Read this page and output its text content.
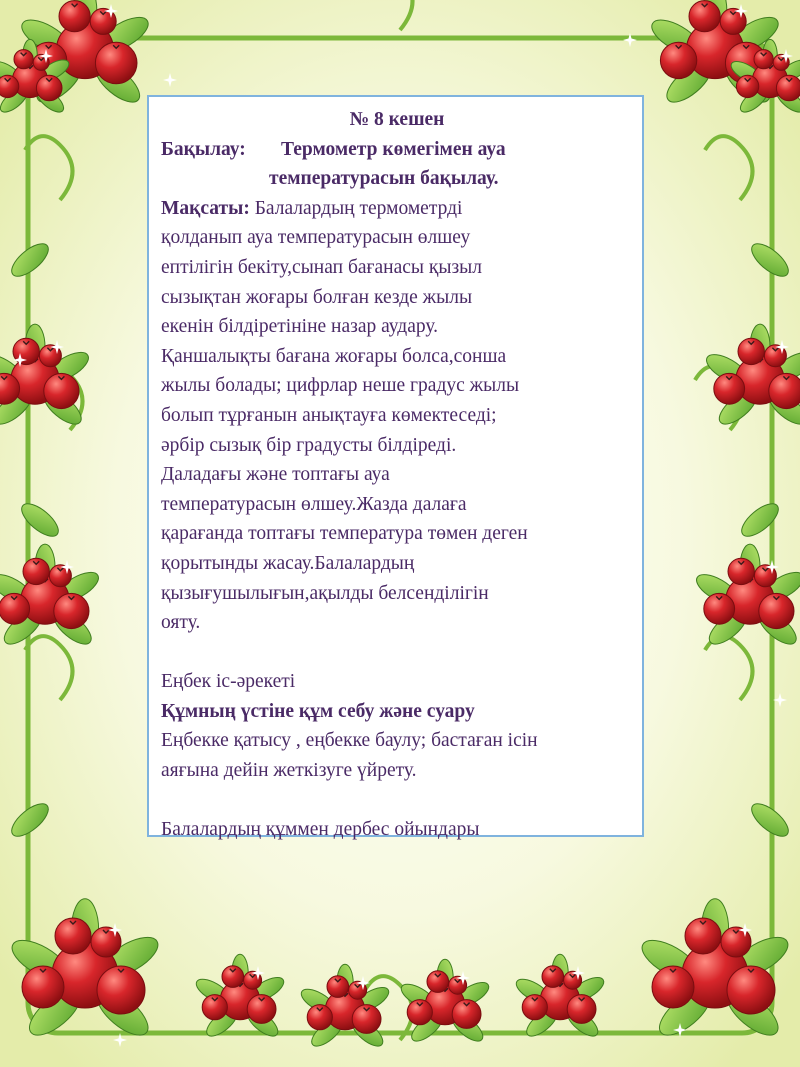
№ 8 кешен
Бақылау: Термометр көмегімен ауа
температурасын бақылау.
Мақсаты: Балалардың термометрді
қолданып ауа температурасын өлшеу
ептілігін бекіту,сынап бағанасы қызыл
сызықтан жоғары болған кезде жылы
екенін білдіретініне назар аудару.
Қаншалықты бағана жоғары болса,соншa
жылы болады; цифрлар неше градус жылы
болып тұрғанын анықтауға көмектеседі;
әрбір сызық бір градусты білдіреді.
Даладағы және топтағы ауа
температурасын өлшеу.Жазда далаға
қарағанда топтағы температура төмен деген
қорытынды жасау.Балалардың
қызығушылығын,ақылды белсенділігін
ояту.
Еңбек іс-әрекеті
Құмның үстіне құм себу және суару
Еңбекке қатысу , еңбекке баулу; бастаған ісін
аяғына дейін жеткізуге үйрету.
Балалардың құммен дербес ойындары
